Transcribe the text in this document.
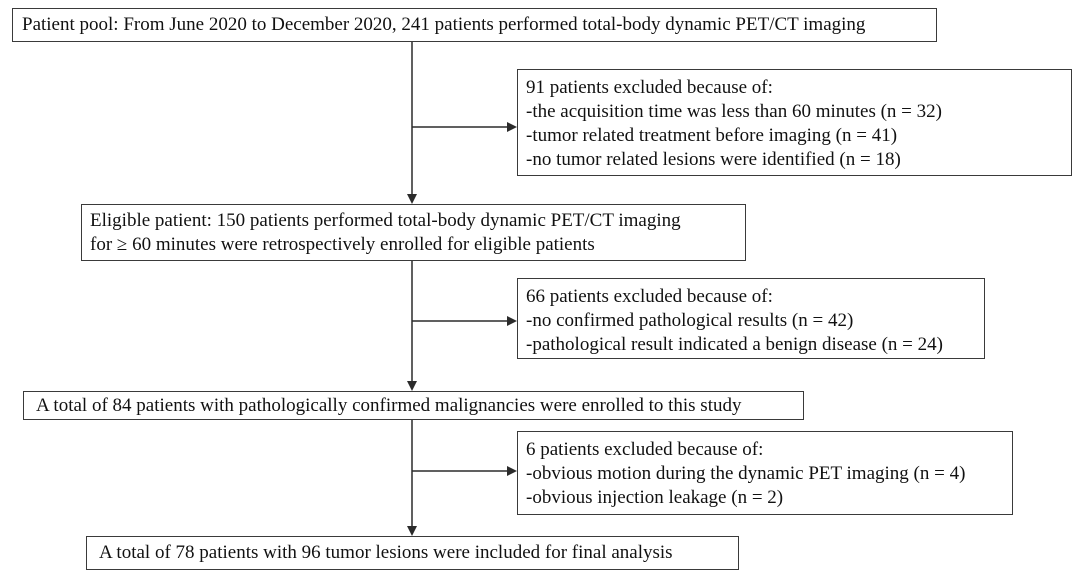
Patient pool: From June 2020 to December 2020, 241 patients performed total-body dynamic PET/CT imaging
91 patients excluded because of:
-the acquisition time was less than 60 minutes (n = 32)
-tumor related treatment before imaging (n = 41)
-no tumor related lesions were identified (n = 18)
Eligible patient: 150 patients performed total-body dynamic PET/CT imaging
for ≥ 60 minutes were retrospectively enrolled for eligible patients
66 patients excluded because of:
-no confirmed pathological results (n = 42)
-pathological result indicated a benign disease (n = 24)
A total of 84 patients with pathologically confirmed malignancies were enrolled to this study
6 patients excluded because of:
-obvious motion during the dynamic PET imaging (n = 4)
-obvious injection leakage (n = 2)
A total of 78 patients with 96 tumor lesions were included for final analysis
